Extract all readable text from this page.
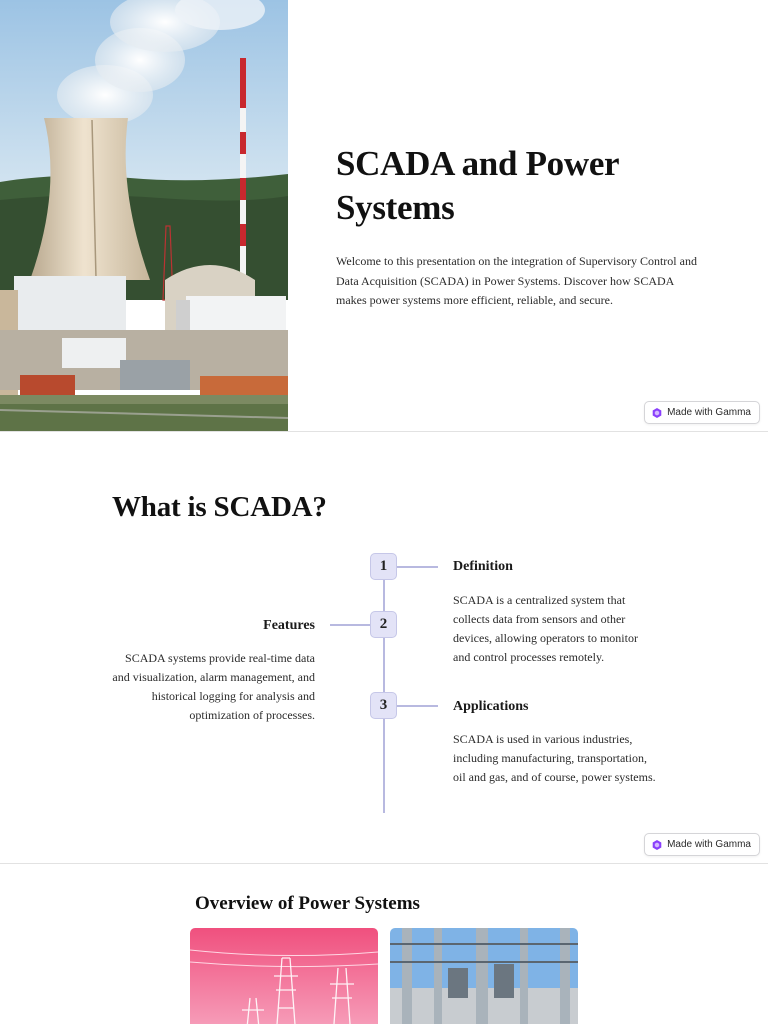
SCADA and Power Systems

Welcome to this presentation on the integration of Supervisory Control and Data Acquisition (SCADA) in Power Systems. Discover how SCADA makes power systems more efficient, reliable, and secure.

Made with Gamma
What is SCADA?
1
2
3
Definition
SCADA is a centralized system that collects data from sensors and other devices, allowing operators to monitor and control processes remotely.
Features
SCADA systems provide real-time data and visualization, alarm management, and historical logging for analysis and optimization of processes.
Applications
SCADA is used in various industries, including manufacturing, transportation, oil and gas, and of course, power systems.
Made with Gamma
Overview of Power Systems
